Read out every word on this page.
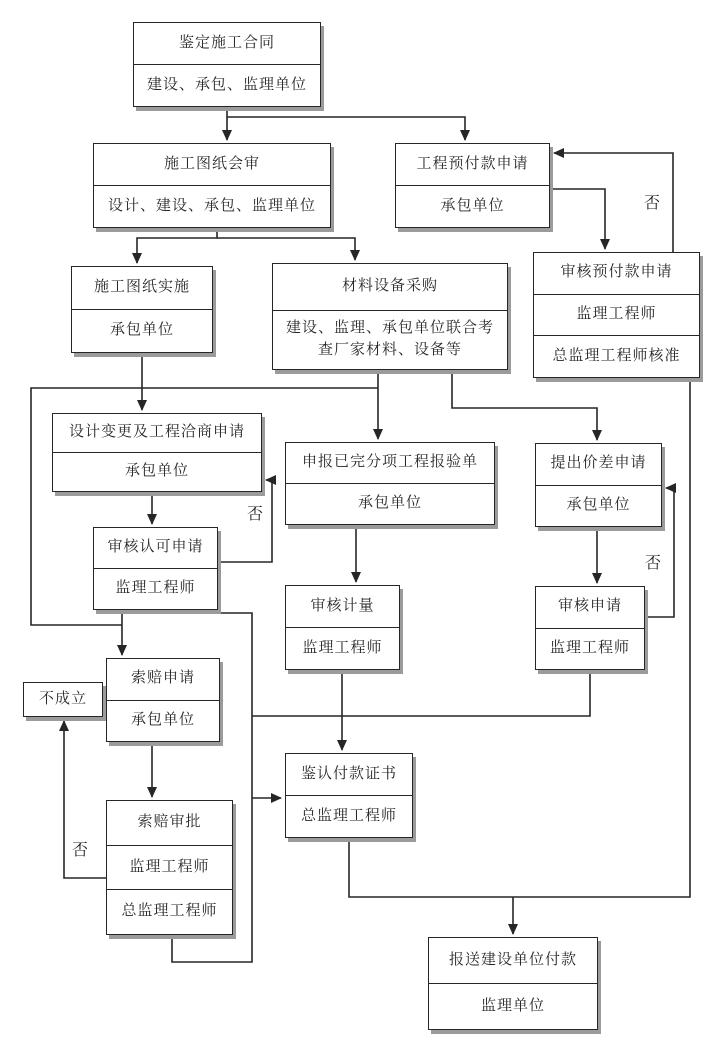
鉴定施工合同
建设、承包、监理单位
施工图纸会审
设计、建设、承包、监理单位
工程预付款申请
承包单位
审核预付款申请
监理工程师
总监理工程师核准
施工图纸实施
承包单位
材料设备采购
建设、监理、承包单位联合考查厂家材料、设备等
设计变更及工程洽商申请
承包单位
申报已完分项工程报验单
承包单位
提出价差申请
承包单位
审核认可申请
监理工程师
审核计量
监理工程师
审核申请
监理工程师
不成立
索赔申请
承包单位
索赔审批
监理工程师
总监理工程师
鉴认付款证书
总监理工程师
报送建设单位付款
监理单位
否
否
否
否
